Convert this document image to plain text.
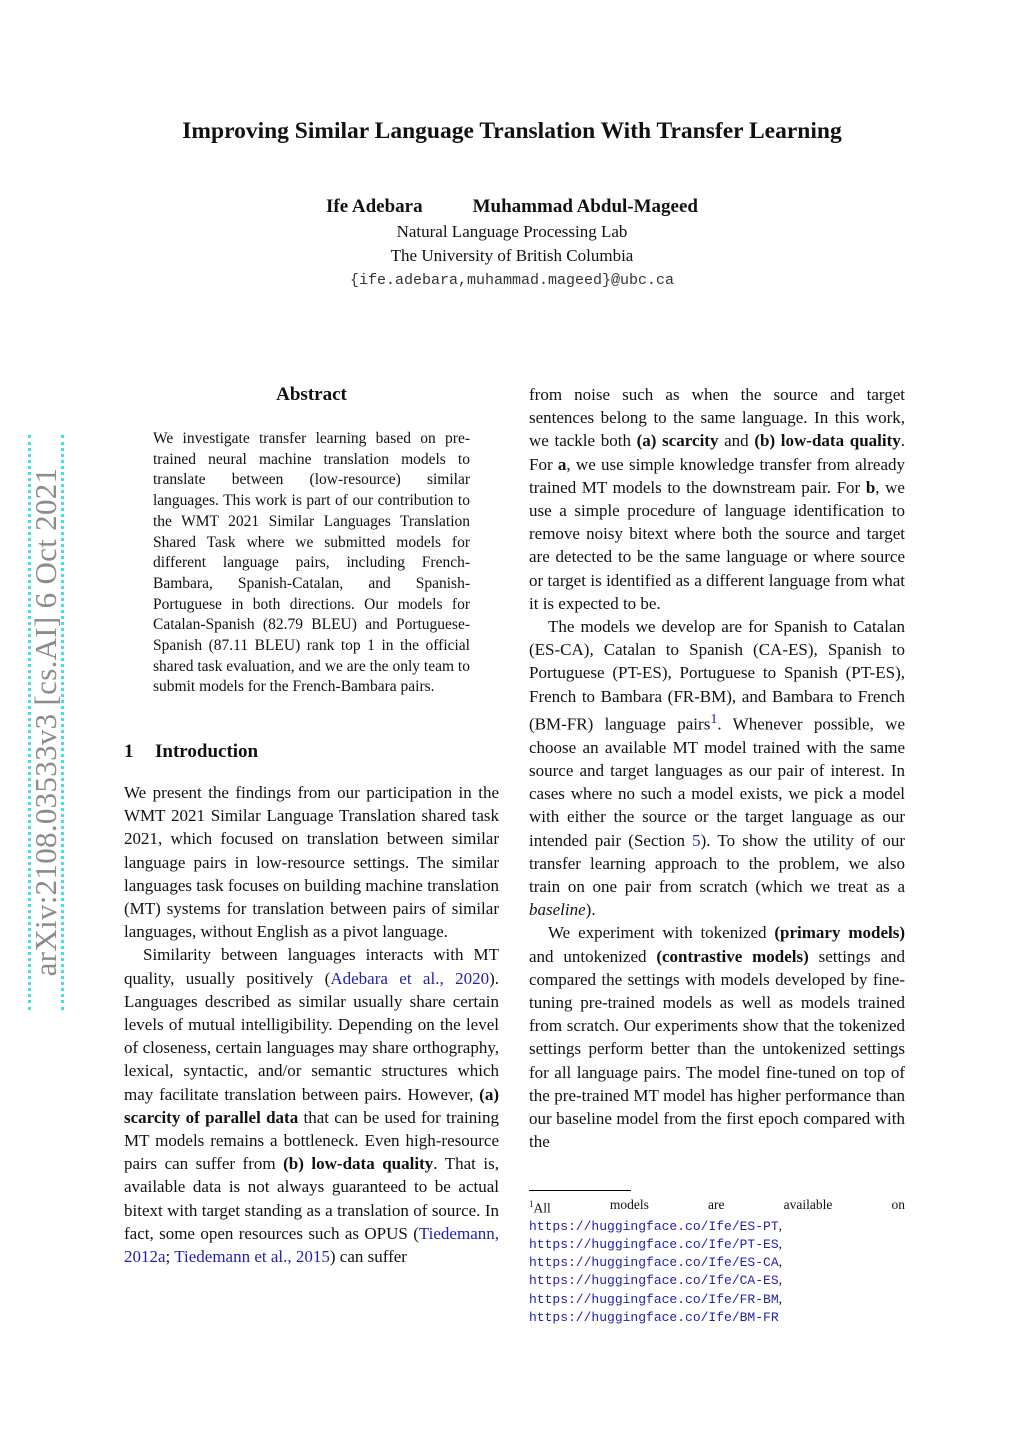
arXiv:2108.03533v3 [cs.AI] 6 Oct 2021
Improving Similar Language Translation With Transfer Learning
Ife Adebara	Muhammad Abdul-Mageed
Natural Language Processing Lab
The University of British Columbia
{ife.adebara,muhammad.mageed}@ubc.ca
Abstract

We investigate transfer learning based on pre-trained neural machine translation models to translate between (low-resource) similar languages. This work is part of our contribution to the WMT 2021 Similar Languages Translation Shared Task where we submitted models for different language pairs, including French-Bambara, Spanish-Catalan, and Spanish-Portuguese in both directions. Our models for Catalan-Spanish (82.79 BLEU) and Portuguese-Spanish (87.11 BLEU) rank top 1 in the official shared task evaluation, and we are the only team to submit models for the French-Bambara pairs.

1 Introduction

We present the findings from our participation in the WMT 2021 Similar Language Translation shared task 2021, which focused on translation between similar language pairs in low-resource settings. The similar languages task focuses on building machine translation (MT) systems for translation between pairs of similar languages, without English as a pivot language.

Similarity between languages interacts with MT quality, usually positively (Adebara et al., 2020). Languages described as similar usually share certain levels of mutual intelligibility. Depending on the level of closeness, certain languages may share orthography, lexical, syntactic, and/or semantic structures which may facilitate translation between pairs. However, (a) scarcity of parallel data that can be used for training MT models remains a bottleneck. Even high-resource pairs can suffer from (b) low-data quality. That is, available data is not always guaranteed to be actual bitext with target standing as a translation of source. In fact, some open resources such as OPUS (Tiedemann, 2012a; Tiedemann et al., 2015) can suffer

from noise such as when the source and target sentences belong to the same language. In this work, we tackle both (a) scarcity and (b) low-data quality. For a, we use simple knowledge transfer from already trained MT models to the downstream pair. For b, we use a simple procedure of language identification to remove noisy bitext where both the source and target are detected to be the same language or where source or target is identified as a different language from what it is expected to be.

The models we develop are for Spanish to Catalan (ES-CA), Catalan to Spanish (CA-ES), Spanish to Portuguese (PT-ES), Portuguese to Spanish (PT-ES), French to Bambara (FR-BM), and Bambara to French (BM-FR) language pairs$^1$. Whenever possible, we choose an available MT model trained with the same source and target languages as our pair of interest. In cases where no such a model exists, we pick a model with either the source or the target language as our intended pair (Section 5). To show the utility of our transfer learning approach to the problem, we also train on one pair from scratch (which we treat as a baseline).

We experiment with tokenized (primary models) and untokenized (contrastive models) settings and compared the settings with models developed by fine-tuning pre-trained models as well as models trained from scratch. Our experiments show that the tokenized settings perform better than the untokenized settings for all language pairs. The model fine-tuned on top of the pre-trained MT model has higher performance than our baseline model from the first epoch compared with the

$^1$All	models	are	available	on
https://huggingface.co/Ife/ES-PT,
https://huggingface.co/Ife/PT-ES,
https://huggingface.co/Ife/ES-CA,
https://huggingface.co/Ife/CA-ES,
https://huggingface.co/Ife/FR-BM,
https://huggingface.co/Ife/BM-FR
